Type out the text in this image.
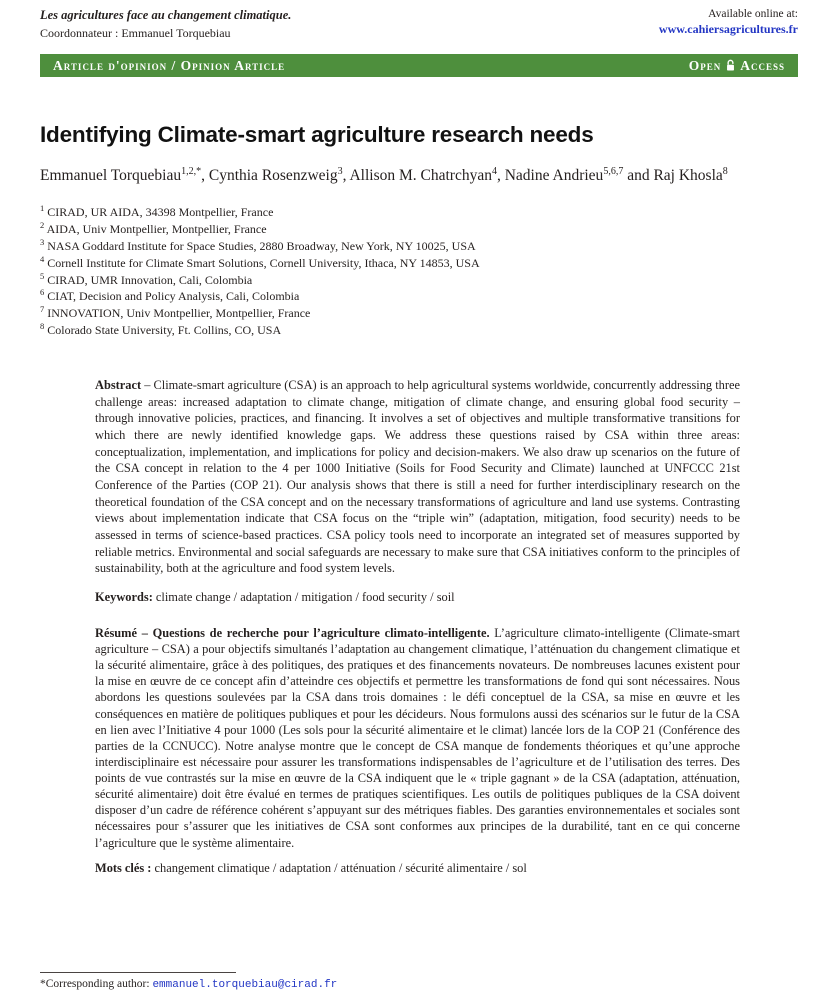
Les agricultures face au changement climatique.
Coordonnateur : Emmanuel Torquebiau
Available online at:
www.cahiersagricultures.fr
Article d'opinion / Opinion Article	Open Access
Identifying Climate-smart agriculture research needs
Emmanuel Torquebiau$^{1,2,*}$, Cynthia Rosenzweig$^3$, Allison M. Chatrchyan$^4$, Nadine Andrieu$^{5,6,7}$ and Raj Khosla$^8$
$^1$ CIRAD, UR AIDA, 34398 Montpellier, France
$^2$ AIDA, Univ Montpellier, Montpellier, France
$^3$ NASA Goddard Institute for Space Studies, 2880 Broadway, New York, NY 10025, USA
$^4$ Cornell Institute for Climate Smart Solutions, Cornell University, Ithaca, NY 14853, USA
$^5$ CIRAD, UMR Innovation, Cali, Colombia
$^6$ CIAT, Decision and Policy Analysis, Cali, Colombia
$^7$ INNOVATION, Univ Montpellier, Montpellier, France
$^8$ Colorado State University, Ft. Collins, CO, USA

Abstract – Climate-smart agriculture (CSA) is an approach to help agricultural systems worldwide, concurrently addressing three challenge areas: increased adaptation to climate change, mitigation of climate change, and ensuring global food security – through innovative policies, practices, and financing. It involves a set of objectives and multiple transformative transitions for which there are newly identified knowledge gaps. We address these questions raised by CSA within three areas: conceptualization, implementation, and implications for policy and decision-makers. We also draw up scenarios on the future of the CSA concept in relation to the 4 per 1000 Initiative (Soils for Food Security and Climate) launched at UNFCCC 21st Conference of the Parties (COP 21). Our analysis shows that there is still a need for further interdisciplinary research on the theoretical foundation of the CSA concept and on the necessary transformations of agriculture and land use systems. Contrasting views about implementation indicate that CSA focus on the “triple win” (adaptation, mitigation, food security) needs to be assessed in terms of science-based practices. CSA policy tools need to incorporate an integrated set of measures supported by reliable metrics. Environmental and social safeguards are necessary to make sure that CSA initiatives conform to the principles of sustainability, both at the agriculture and food system levels.

Keywords: climate change / adaptation / mitigation / food security / soil

Résumé – Questions de recherche pour l’agriculture climato-intelligente. L’agriculture climato-intelligente (Climate-smart agriculture – CSA) a pour objectifs simultanés l’adaptation au changement climatique, l’atténuation du changement climatique et la sécurité alimentaire, grâce à des politiques, des pratiques et des financements novateurs. De nombreuses lacunes existent pour la mise en œuvre de ce concept afin d’atteindre ces objectifs et permettre les transformations de fond qui sont nécessaires. Nous abordons les questions soulevées par la CSA dans trois domaines : le défi conceptuel de la CSA, sa mise en œuvre et les conséquences en matière de politiques publiques et pour les décideurs. Nous formulons aussi des scénarios sur le futur de la CSA en lien avec l’Initiative 4 pour 1000 (Les sols pour la sécurité alimentaire et le climat) lancée lors de la COP 21 (Conférence des parties de la CCNUCC). Notre analyse montre que le concept de CSA manque de fondements théoriques et qu’une approche interdisciplinaire est nécessaire pour assurer les transformations indispensables de l’agriculture et de l’utilisation des terres. Des points de vue contrastés sur la mise en œuvre de la CSA indiquent que le « triple gagnant » de la CSA (adaptation, atténuation, sécurité alimentaire) doit être évalué en termes de pratiques scientifiques. Les outils de politiques publiques de la CSA doivent disposer d’un cadre de référence cohérent s’appuyant sur des métriques fiables. Des garanties environnementales et sociales sont nécessaires pour s’assurer que les initiatives de CSA sont conformes aux principes de la durabilité, tant en ce qui concerne l’agriculture que le système alimentaire.

Mots clés : changement climatique / adaptation / atténuation / sécurité alimentaire / sol

*Corresponding author: emmanuel.torquebiau@cirad.fr
